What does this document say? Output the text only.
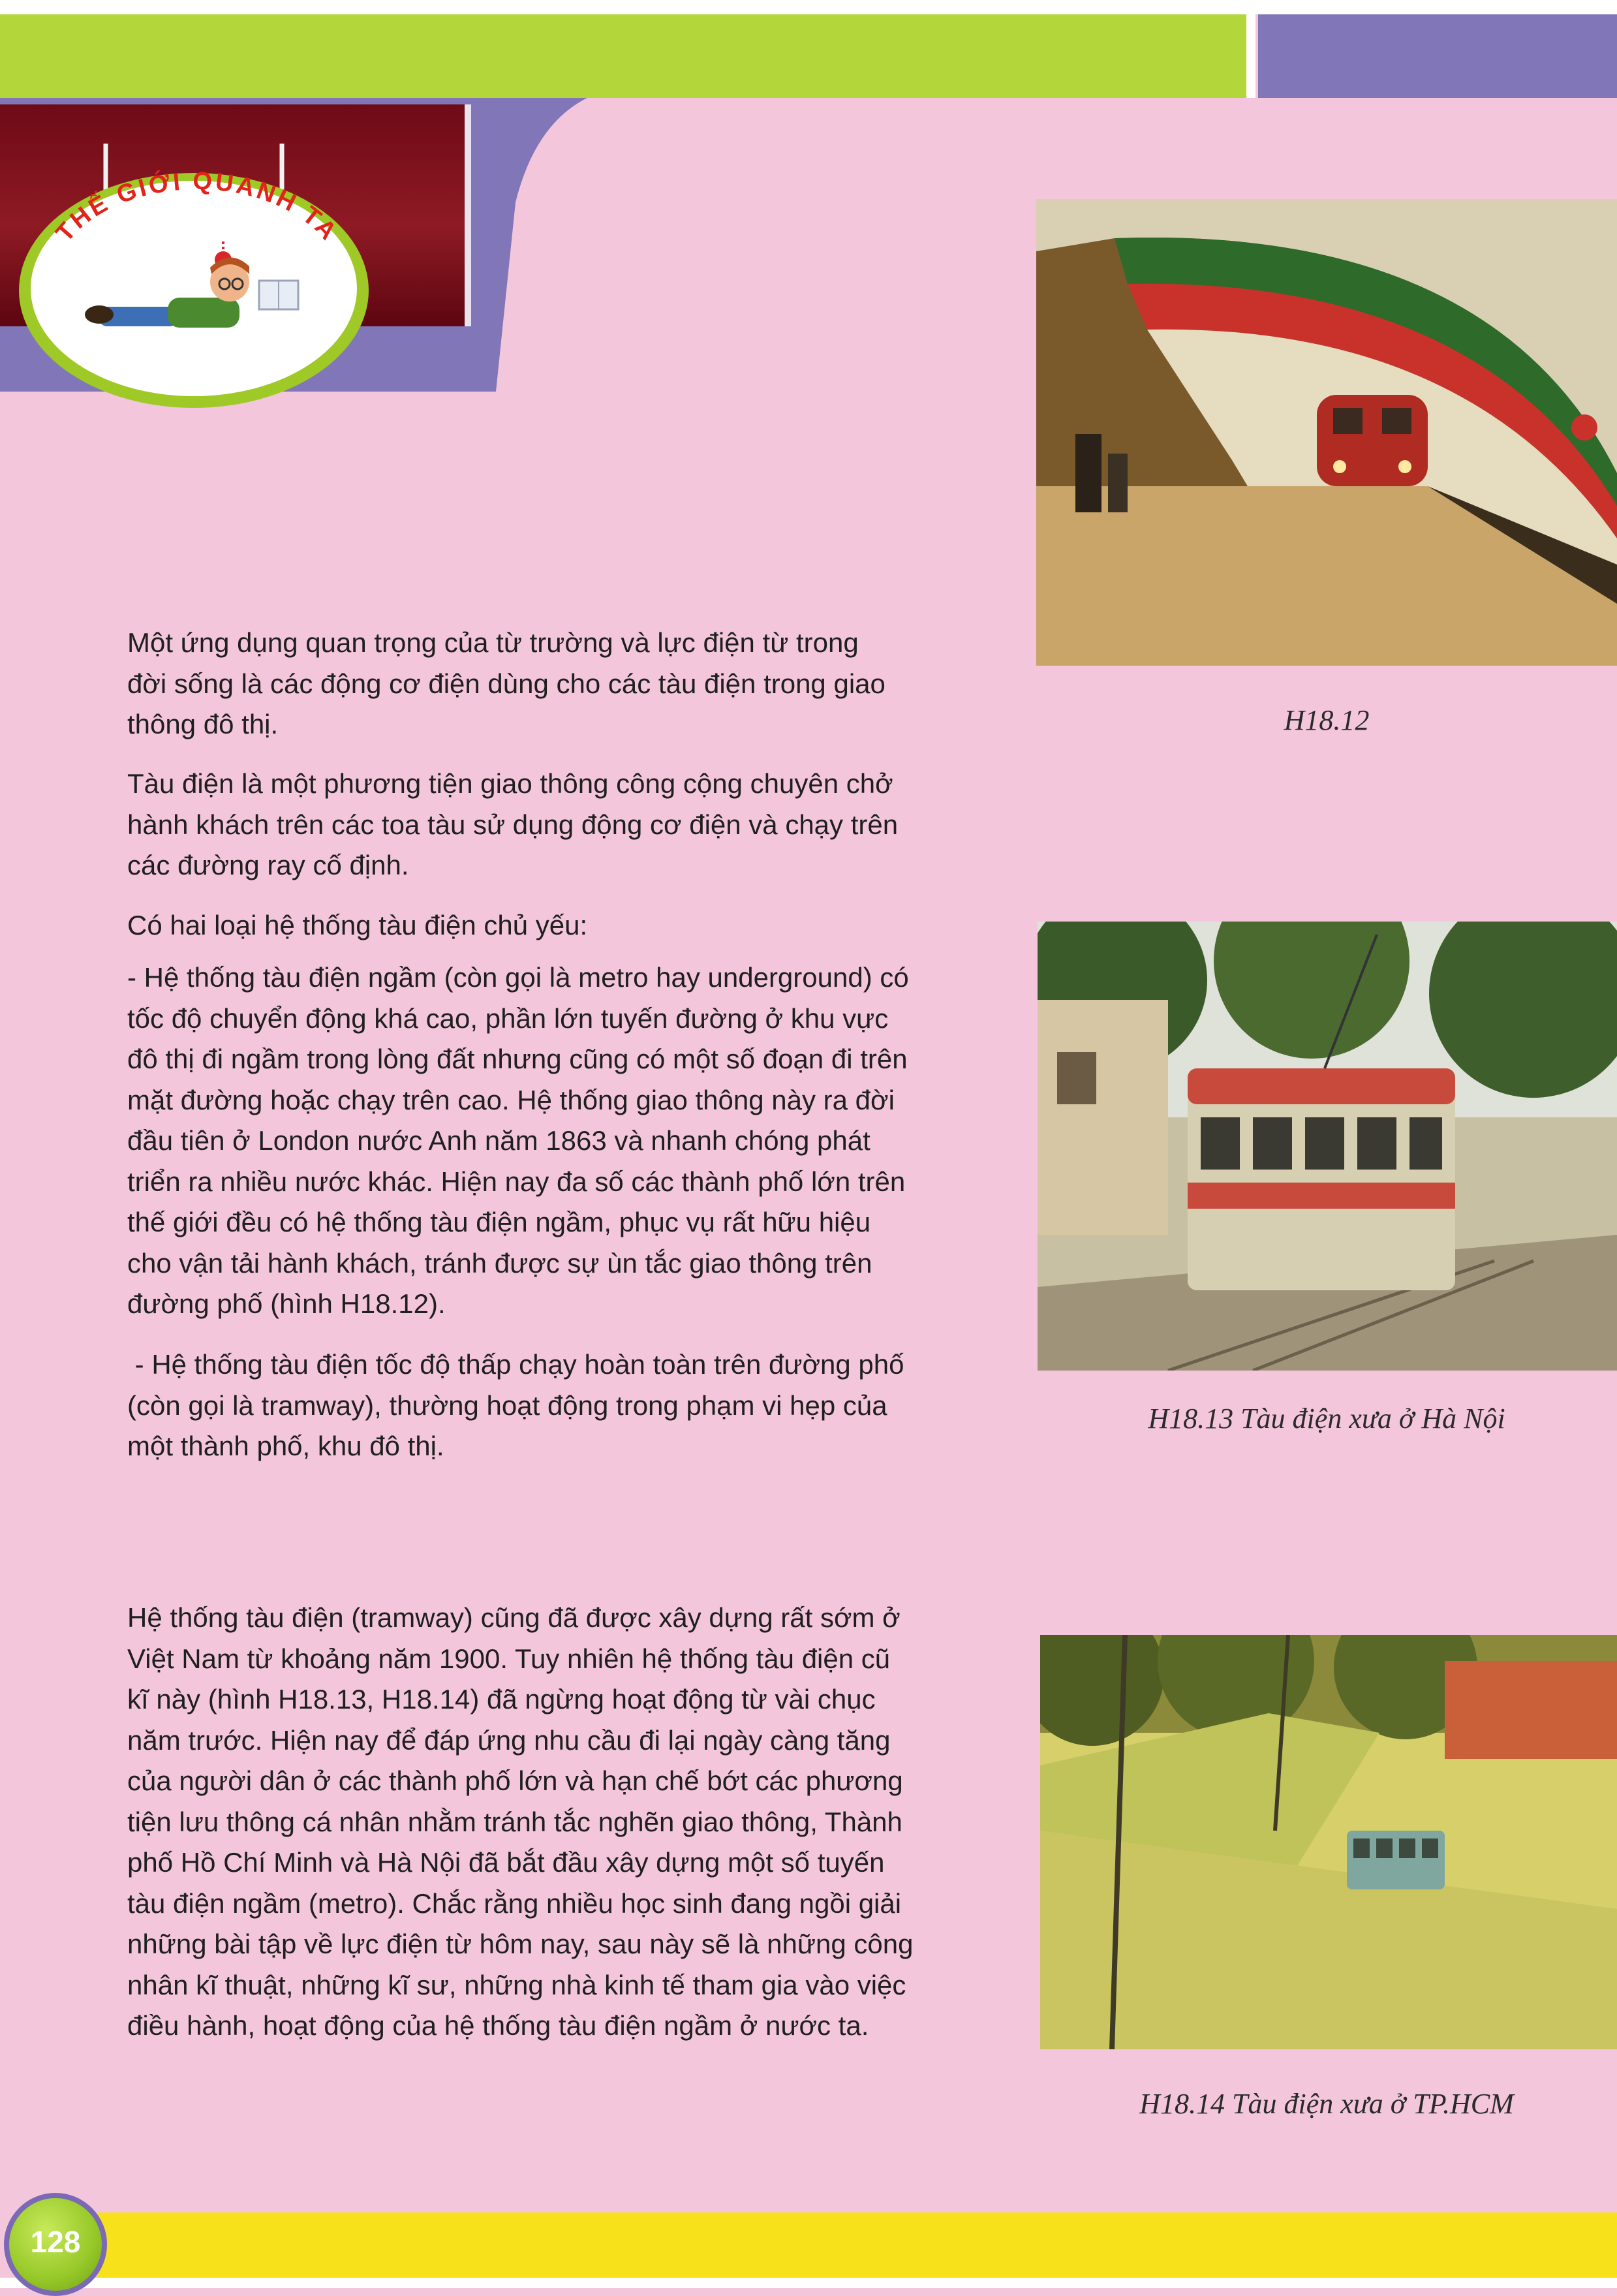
THẾ GIỚI QUANH TA
H18.12
H18.13 Tàu điện xưa ở Hà Nội
H18.14 Tàu điện xưa ở TP.HCM
Một ứng dụng quan trọng của từ trường và lực điện từ trong
đời sống là các động cơ điện dùng cho các tàu điện trong giao
thông đô thị.
Tàu điện là một phương tiện giao thông công cộng chuyên chở
hành khách trên các toa tàu sử dụng động cơ điện và chạy trên
các đường ray cố định.
Có hai loại hệ thống tàu điện chủ yếu:
- Hệ thống tàu điện ngầm (còn gọi là metro hay underground) có
tốc độ chuyển động khá cao, phần lớn tuyến đường ở khu vực
đô thị đi ngầm trong lòng đất nhưng cũng có một số đoạn đi trên
mặt đường hoặc chạy trên cao. Hệ thống giao thông này ra đời
đầu tiên ở London nước Anh năm 1863 và nhanh chóng phát
triển ra nhiều nước khác. Hiện nay đa số các thành phố lớn trên
thế giới đều có hệ thống tàu điện ngầm, phục vụ rất hữu hiệu
cho vận tải hành khách, tránh được sự ùn tắc giao thông trên
đường phố (hình H18.12).
- Hệ thống tàu điện tốc độ thấp chạy hoàn toàn trên đường phố
(còn gọi là tramway), thường hoạt động trong phạm vi hẹp của
một thành phố, khu đô thị.
Hệ thống tàu điện (tramway) cũng đã được xây dựng rất sớm ở
Việt Nam từ khoảng năm 1900. Tuy nhiên hệ thống tàu điện cũ
kĩ này (hình H18.13, H18.14) đã ngừng hoạt động từ vài chục
năm trước. Hiện nay để đáp ứng nhu cầu đi lại ngày càng tăng
của người dân ở các thành phố lớn và hạn chế bớt các phương
tiện lưu thông cá nhân nhằm tránh tắc nghẽn giao thông, Thành
phố Hồ Chí Minh và Hà Nội đã bắt đầu xây dựng một số tuyến
tàu điện ngầm (metro). Chắc rằng nhiều học sinh đang ngồi giải
những bài tập về lực điện từ hôm nay, sau này sẽ là những công
nhân kĩ thuật, những kĩ sư, những nhà kinh tế tham gia vào việc
điều hành, hoạt động của hệ thống tàu điện ngầm ở nước ta.
128
